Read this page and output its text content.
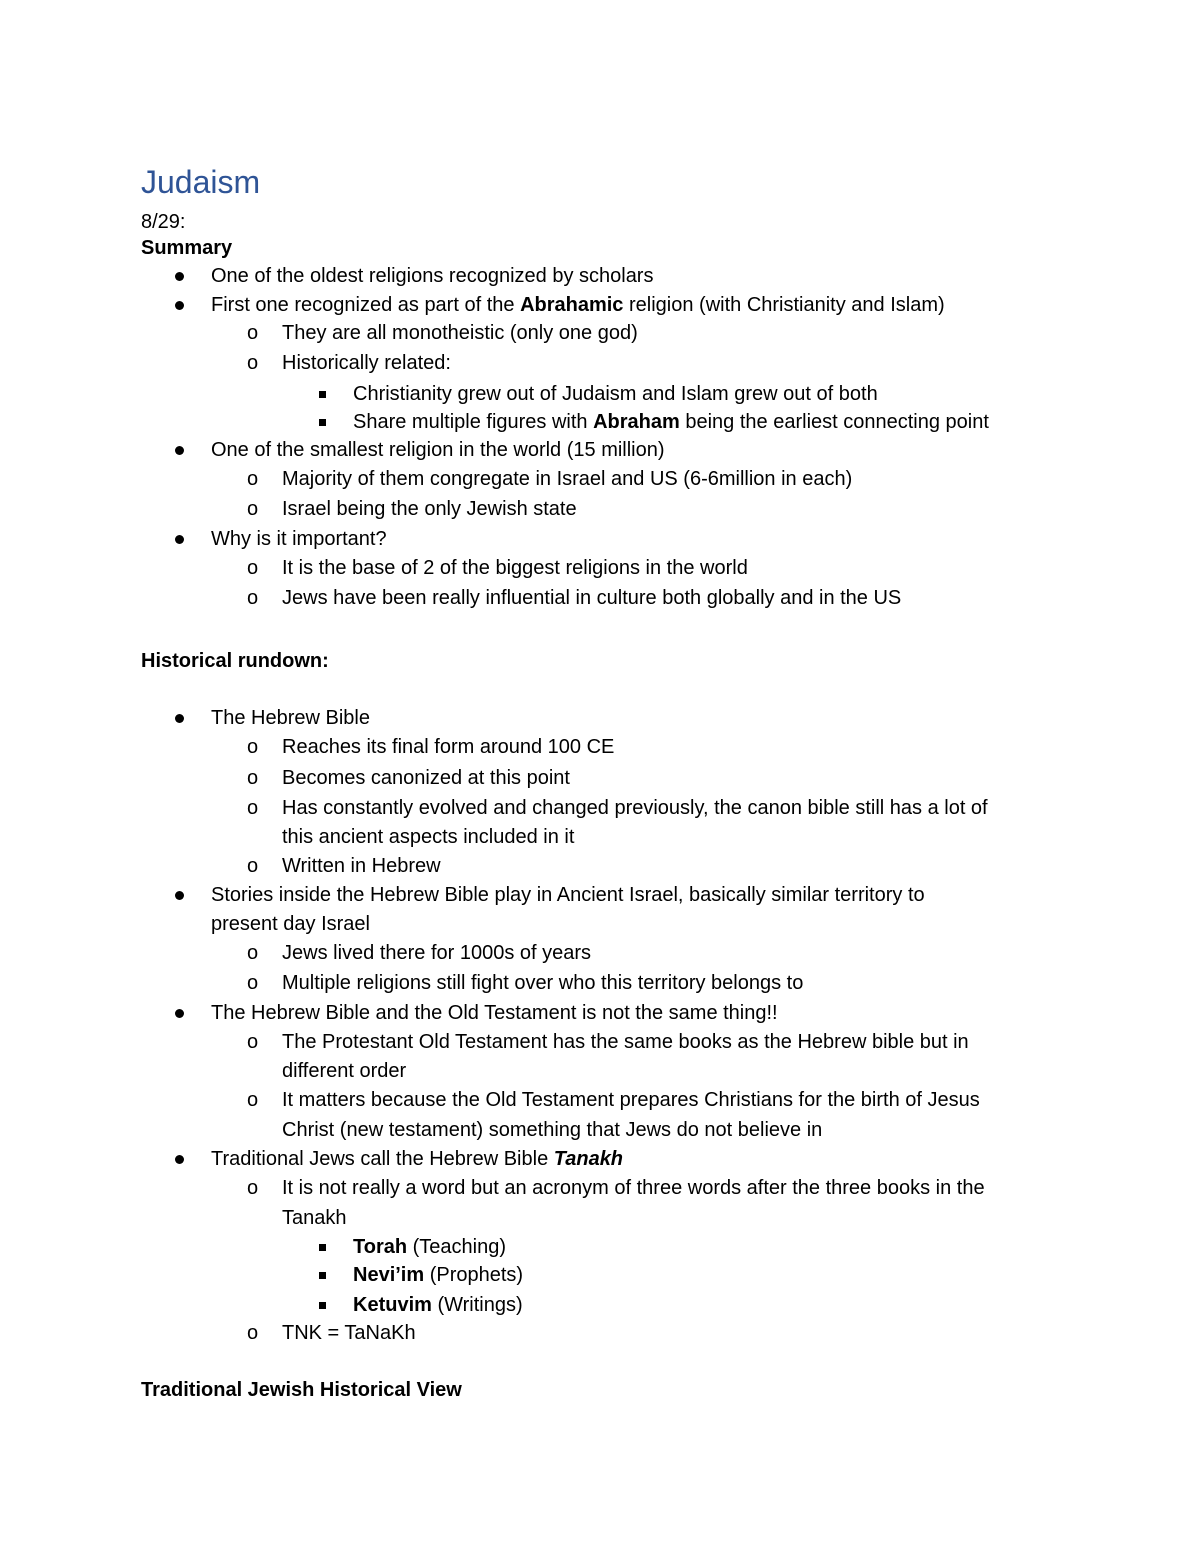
Judaism
8/29:
Summary
One of the oldest religions recognized by scholars
First one recognized as part of the Abrahamic religion (with Christianity and Islam)
o They are all monotheistic (only one god)
o Historically related:
Christianity grew out of Judaism and Islam grew out of both
Share multiple figures with Abraham being the earliest connecting point
One of the smallest religion in the world (15 million)
o Majority of them congregate in Israel and US (6-6million in each)
o Israel being the only Jewish state
Why is it important?
o It is the base of 2 of the biggest religions in the world
o Jews have been really influential in culture both globally and in the US
Historical rundown:
The Hebrew Bible
o Reaches its final form around 100 CE
o Becomes canonized at this point
o Has constantly evolved and changed previously, the canon bible still has a lot of
this ancient aspects included in it
o Written in Hebrew
Stories inside the Hebrew Bible play in Ancient Israel, basically similar territory to
present day Israel
o Jews lived there for 1000s of years
o Multiple religions still fight over who this territory belongs to
The Hebrew Bible and the Old Testament is not the same thing!!
o The Protestant Old Testament has the same books as the Hebrew bible but in
different order
o It matters because the Old Testament prepares Christians for the birth of Jesus
Christ (new testament) something that Jews do not believe in
Traditional Jews call the Hebrew Bible Tanakh
o It is not really a word but an acronym of three words after the three books in the
Tanakh
Torah (Teaching)
Nevi’im (Prophets)
Ketuvim (Writings)
o TNK = TaNaKh
Traditional Jewish Historical View
